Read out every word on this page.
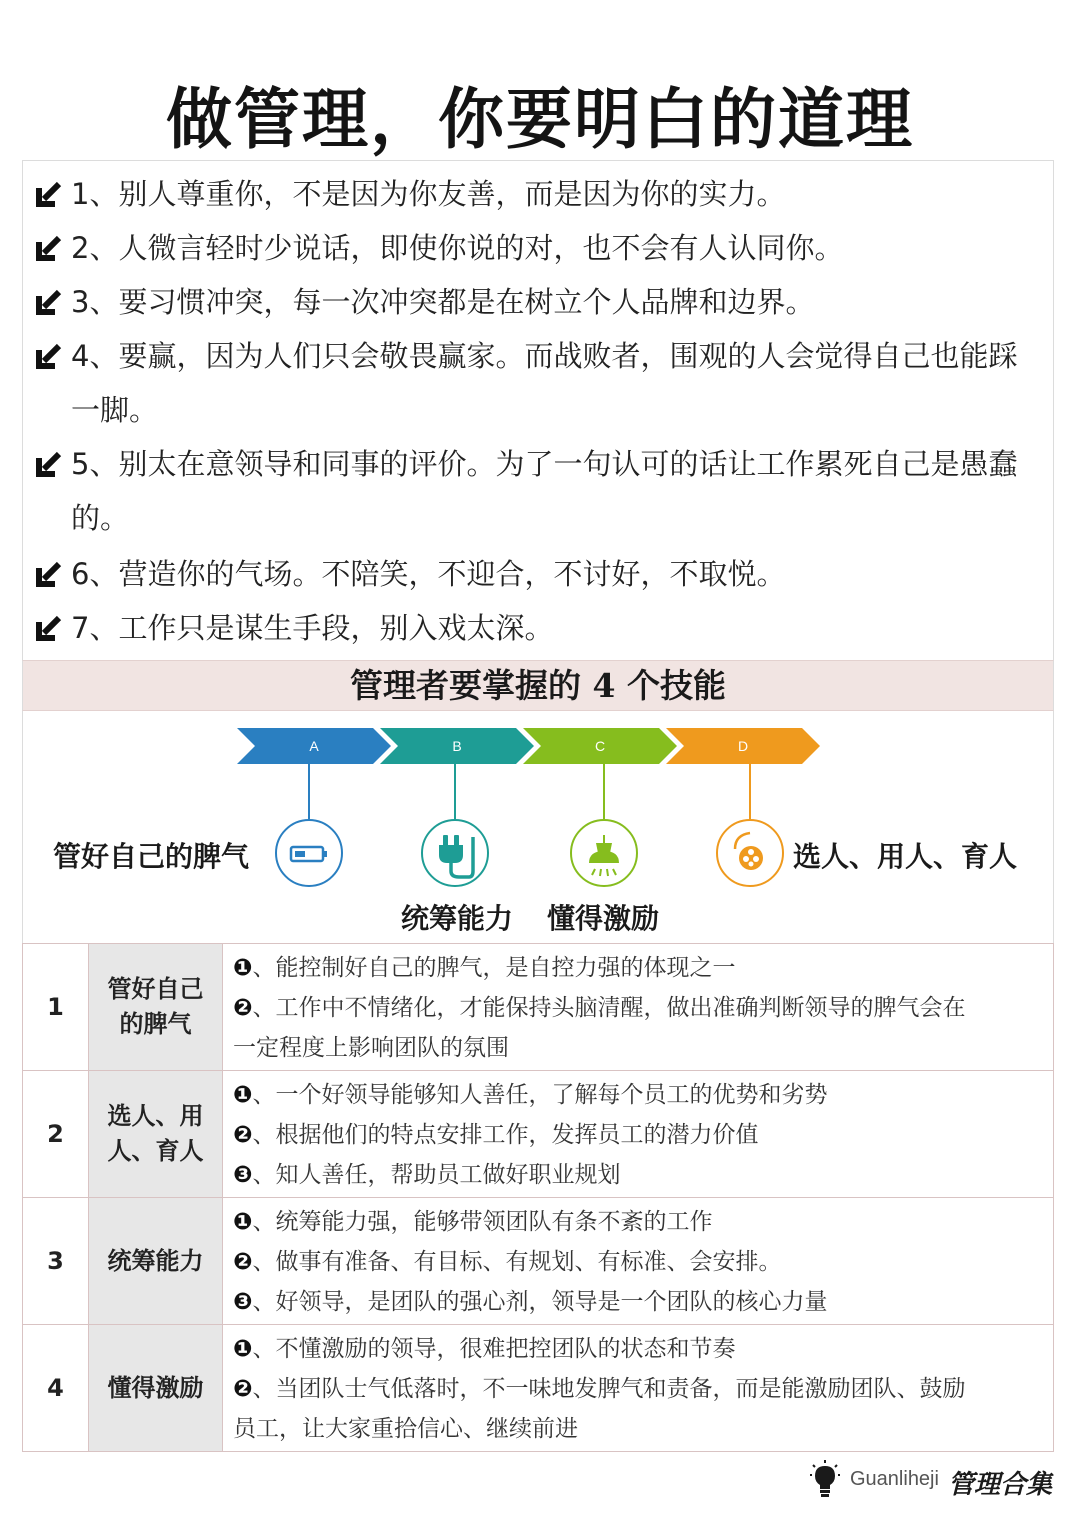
做管理，你要明白的道理
1、别人尊重你，不是因为你友善，而是因为你的实力。
2、人微言轻时少说话，即使你说的对，也不会有人认同你。
3、要习惯冲突，每一次冲突都是在树立个人品牌和边界。
4、要赢，因为人们只会敬畏赢家。而战败者，围观的人会觉得自己也能踩一脚。
5、别太在意领导和同事的评价。为了一句认可的话让工作累死自己是愚蠢的。
6、营造你的气场。不陪笑，不迎合，不讨好，不取悦。
7、工作只是谋生手段，别入戏太深。
管理者要掌握的 4 个技能
A	B	C	D
管好自己的脾气
统筹能力 懂得激励
选人、用人、育人
1	管好自己的脾气	❶、能控制好自己的脾气，是自控力强的体现之一
❷、工作中不情绪化，才能保持头脑清醒，做出准确判断领导的脾气会在
一定程度上影响团队的氛围

2	选人、用人、育人	❶、一个好领导能够知人善任，了解每个员工的优势和劣势
❷、根据他们的特点安排工作，发挥员工的潜力价值
❸、知人善任，帮助员工做好职业规划

3	统筹能力	❶、统筹能力强，能够带领团队有条不紊的工作
❷、做事有准备、有目标、有规划、有标准、会安排。
❸、好领导，是团队的强心剂，领导是一个团队的核心力量

4	懂得激励	❶、不懂激励的领导，很难把控团队的状态和节奏
❷、当团队士气低落时，不一味地发脾气和责备，而是能激励团队、鼓励
员工，让大家重拾信心、继续前进
Guanliheji 管理合集
